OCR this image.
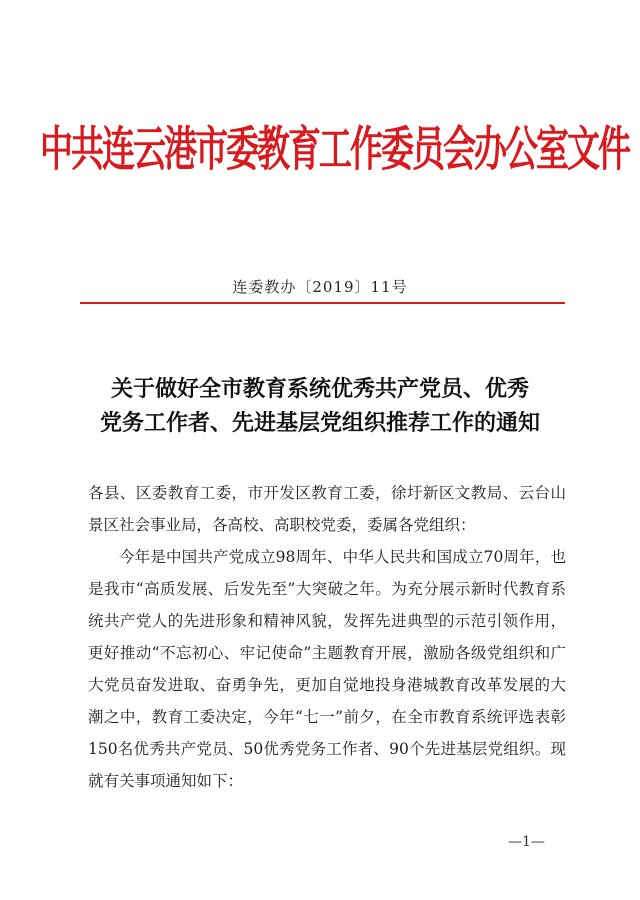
中共连云港市委教育工作委员会办公室文件
连委教办〔2019〕11号
关于做好全市教育系统优秀共产党员、优秀
党务工作者、先进基层党组织推荐工作的通知

各县、区委教育工委，市开发区教育工委，徐圩新区文教局、云台山景区社会事业局，各高校、高职校党委，委属各党组织：

今年是中国共产党成立98周年、中华人民共和国成立70周年，也是我市“高质发展、后发先至”大突破之年。为充分展示新时代教育系统共产党人的先进形象和精神风貌，发挥先进典型的示范引领作用，更好推动“不忘初心、牢记使命”主题教育开展，激励各级党组织和广大党员奋发进取、奋勇争先，更加自觉地投身港城教育改革发展的大潮之中，教育工委决定，今年“七一”前夕，在全市教育系统评选表彰150名优秀共产党员、50优秀党务工作者、90个先进基层党组织。现就有关事项通知如下：

—1—
